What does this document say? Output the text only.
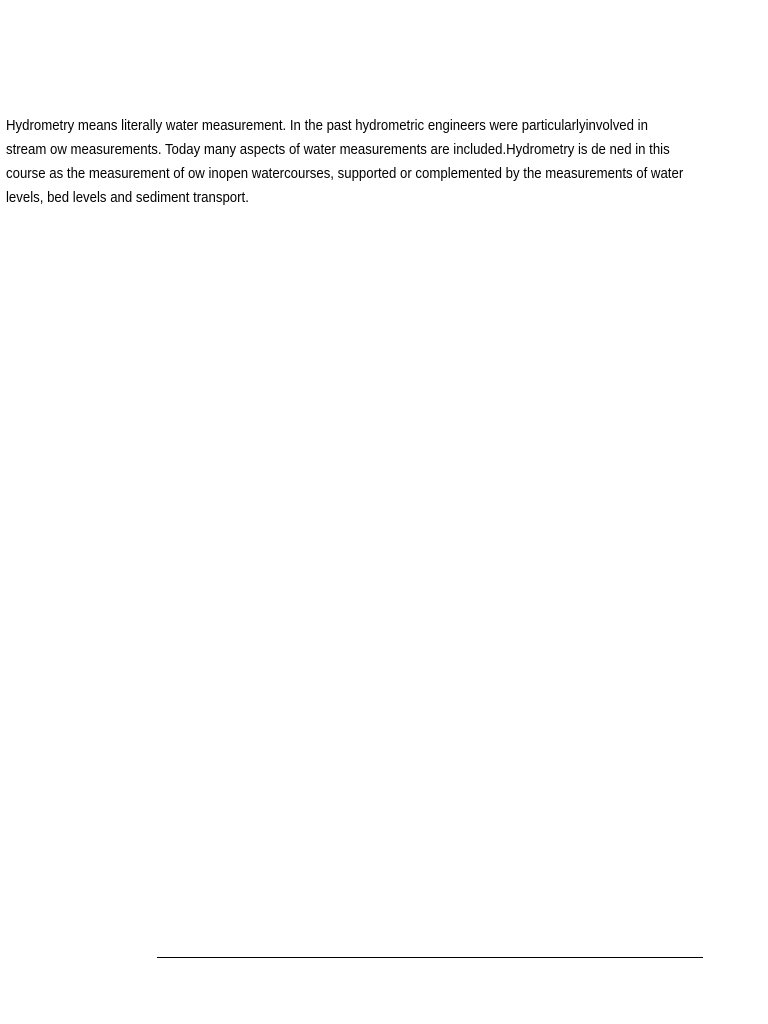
Hydrometry means literally water measurement. In the past hydrometric engineers were particularlyinvolved in
stream ow measurements. Today many aspects of water measurements are included.Hydrometry is de ned in this
course as the measurement of ow inopen watercourses, supported or complemented by the measurements of water
levels, bed levels and sediment transport.
